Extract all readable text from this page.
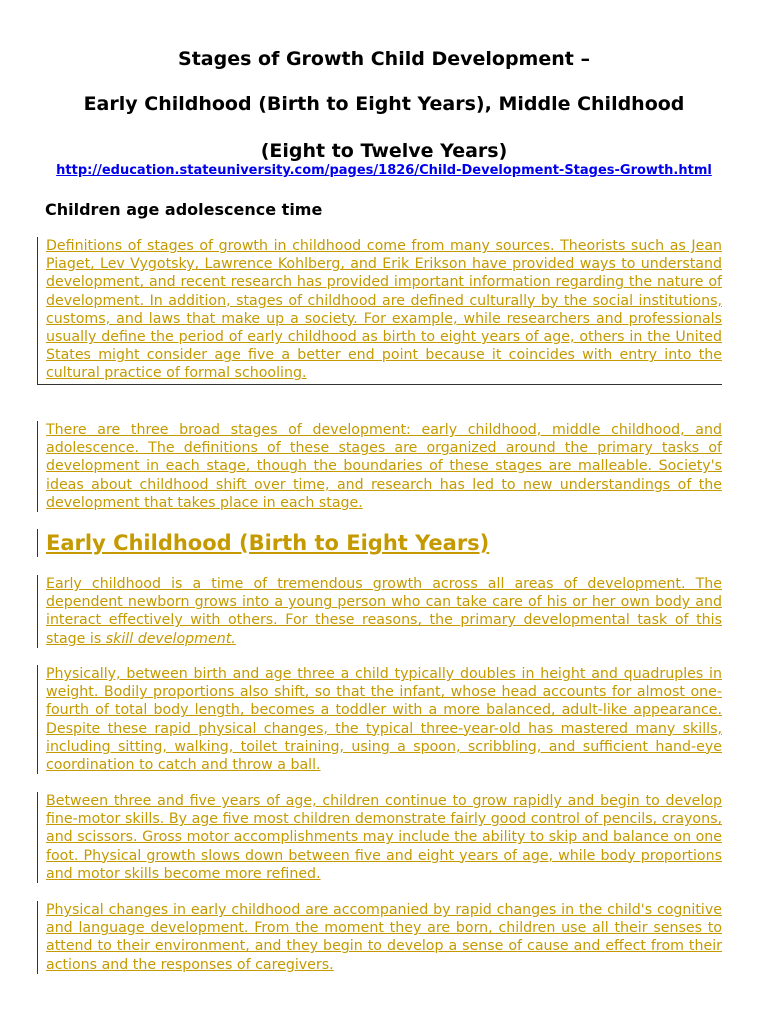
Stages of Growth Child Development –
Early Childhood (Birth to Eight Years), Middle Childhood
(Eight to Twelve Years)
http://education.stateuniversity.com/pages/1826/Child-Development-Stages-Growth.html
Children age adolescence time

Definitions of stages of growth in childhood come from many sources. Theorists such as Jean Piaget, Lev Vygotsky, Lawrence Kohlberg, and Erik Erikson have provided ways to understand development, and recent research has provided important information regarding the nature of development. In addition, stages of childhood are defined culturally by the social institutions, customs, and laws that make up a society. For example, while researchers and professionals usually define the period of early childhood as birth to eight years of age, others in the United States might consider age five a better end point because it coincides with entry into the cultural practice of formal schooling.

There are three broad stages of development: early childhood, middle childhood, and adolescence. The definitions of these stages are organized around the primary tasks of development in each stage, though the boundaries of these stages are malleable. Society's ideas about childhood shift over time, and research has led to new understandings of the development that takes place in each stage.

Early Childhood (Birth to Eight Years)

Early childhood is a time of tremendous growth across all areas of development. The dependent newborn grows into a young person who can take care of his or her own body and interact effectively with others. For these reasons, the primary developmental task of this stage is skill development.

Physically, between birth and age three a child typically doubles in height and quadruples in weight. Bodily proportions also shift, so that the infant, whose head accounts for almost one-fourth of total body length, becomes a toddler with a more balanced, adult-like appearance. Despite these rapid physical changes, the typical three-year-old has mastered many skills, including sitting, walking, toilet training, using a spoon, scribbling, and sufficient hand-eye coordination to catch and throw a ball.

Between three and five years of age, children continue to grow rapidly and begin to develop fine-motor skills. By age five most children demonstrate fairly good control of pencils, crayons, and scissors. Gross motor accomplishments may include the ability to skip and balance on one foot. Physical growth slows down between five and eight years of age, while body proportions and motor skills become more refined.

Physical changes in early childhood are accompanied by rapid changes in the child's cognitive and language development. From the moment they are born, children use all their senses to attend to their environment, and they begin to develop a sense of cause and effect from their actions and the responses of caregivers.
